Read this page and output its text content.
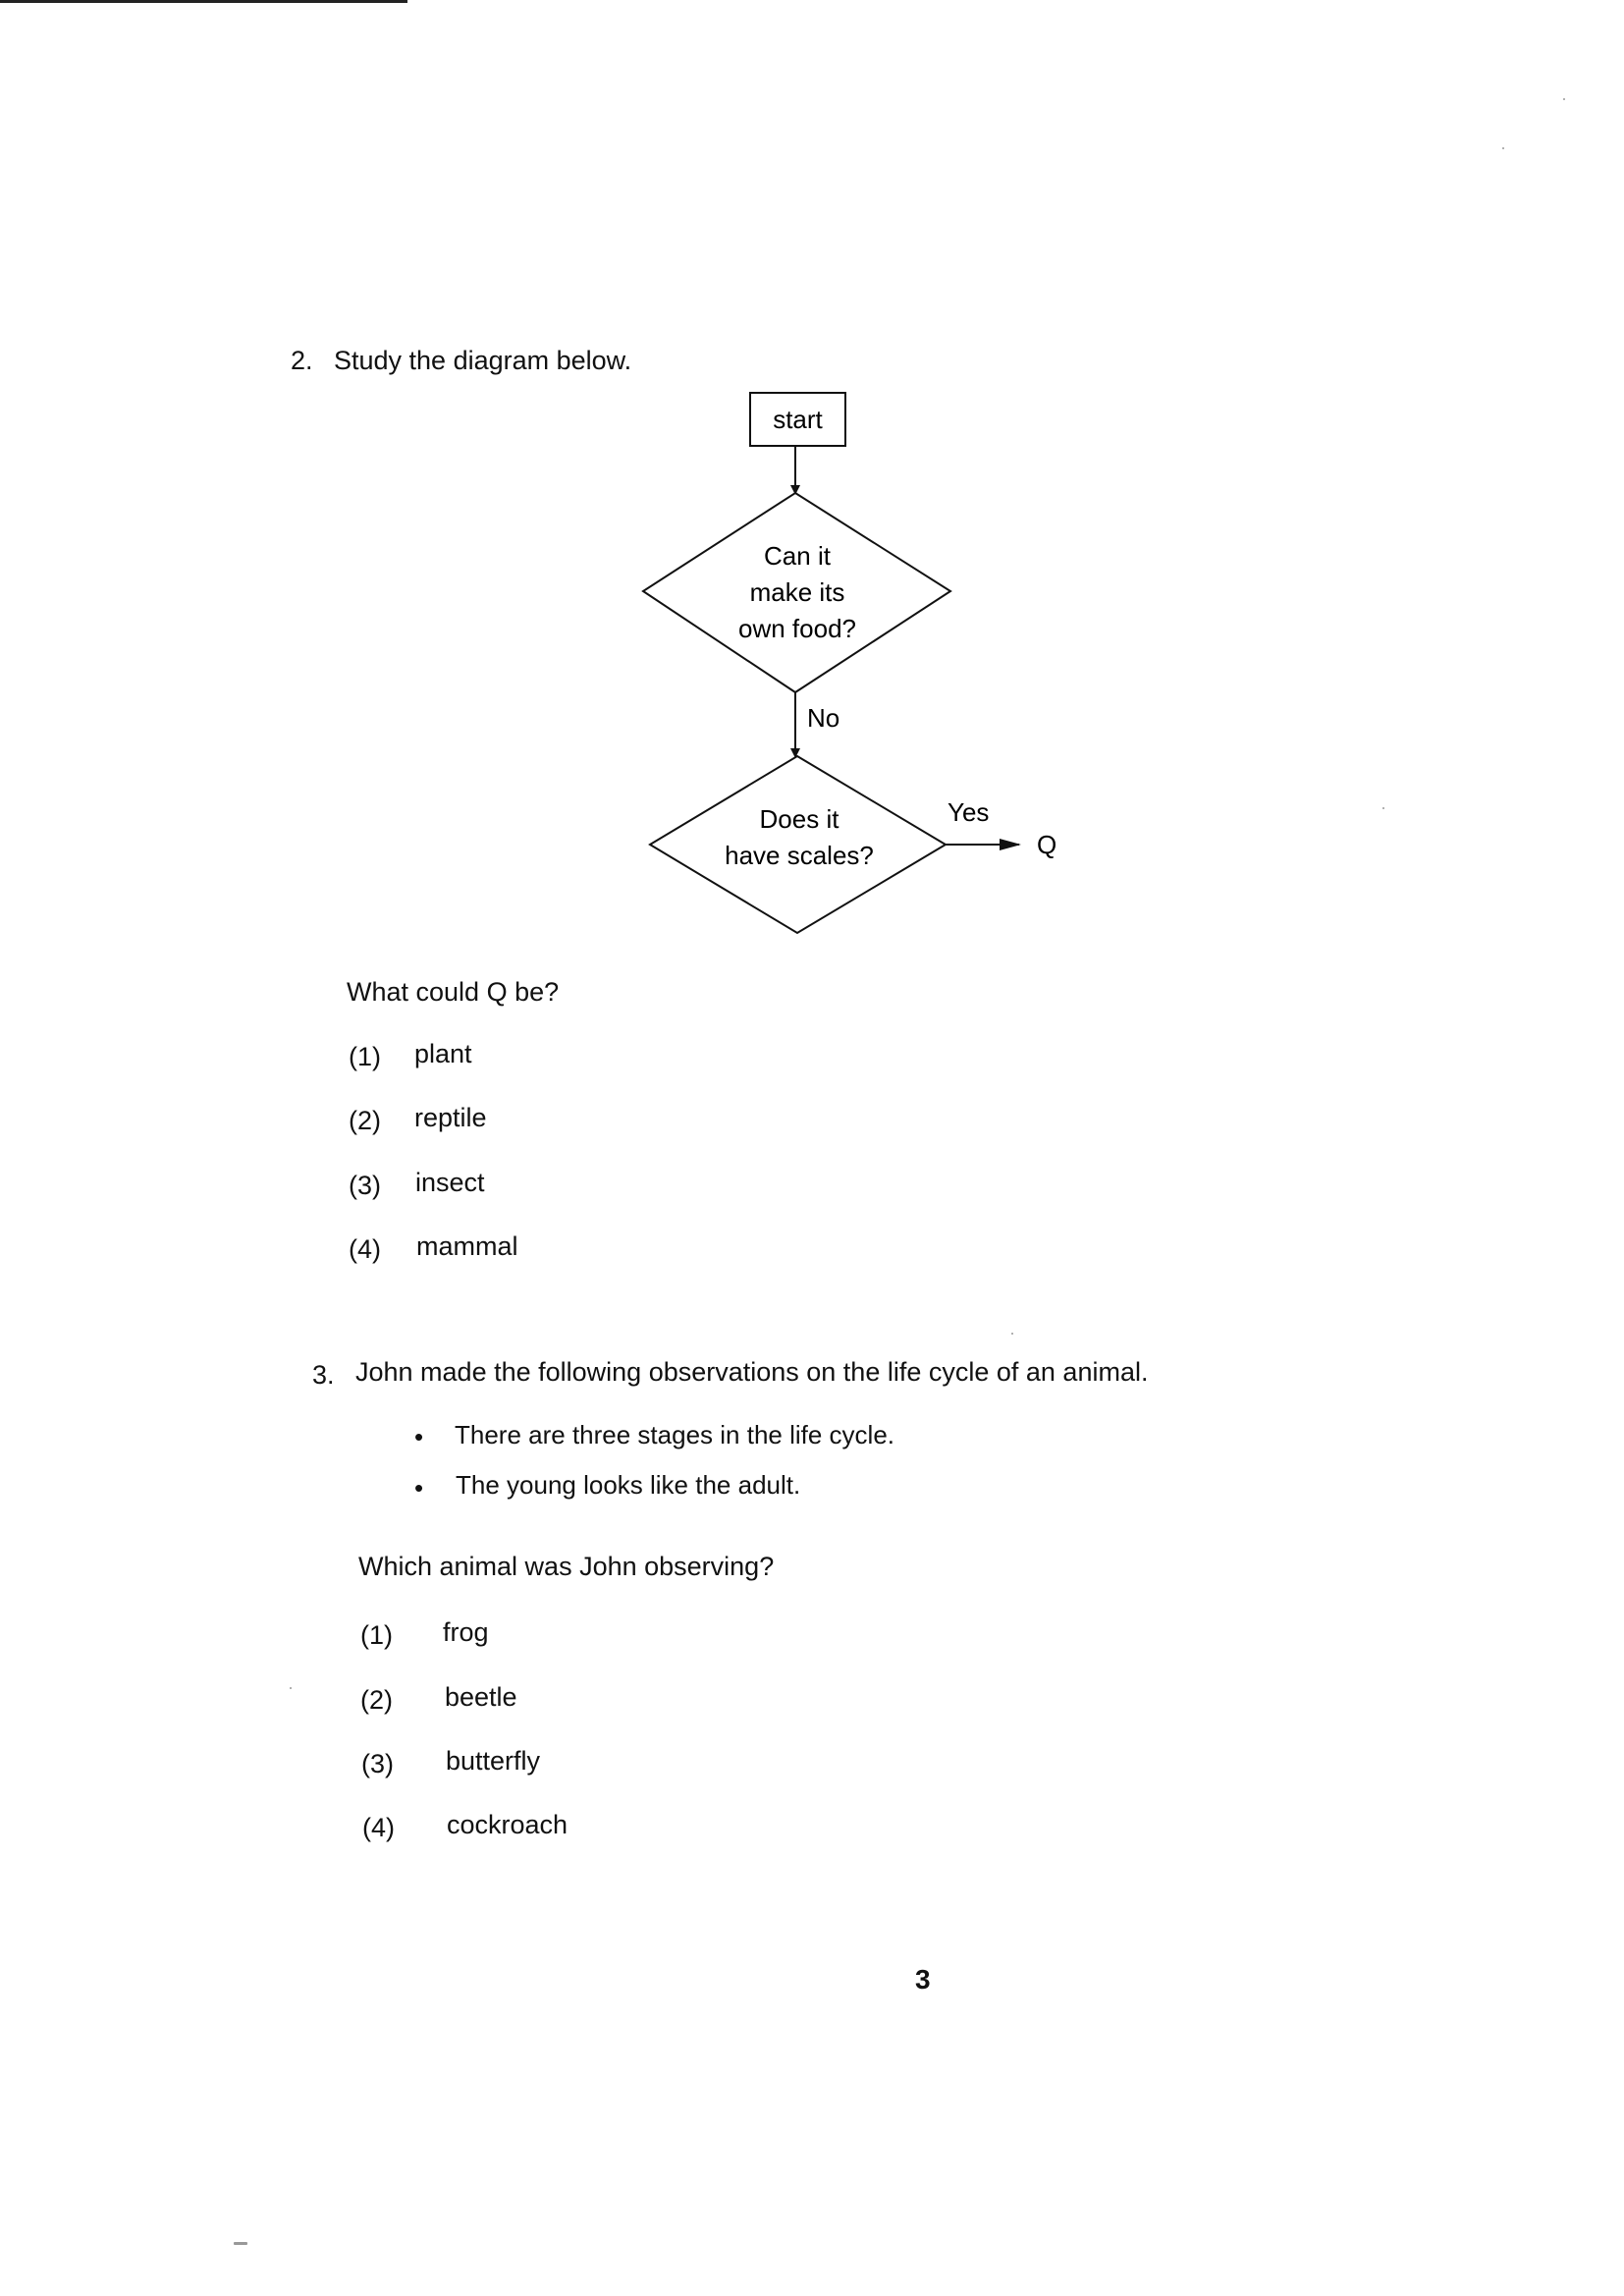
2. Study the diagram below.
start
Can it
make its
own food?
No
Does it
have scales?
Yes
Q
What could Q be?
(1) plant
(2) reptile
(3) insect
(4) mammal
3. John made the following observations on the life cycle of an animal.
• There are three stages in the life cycle.
• The young looks like the adult.
Which animal was John observing?
(1) frog
(2) beetle
(3) butterfly
(4) cockroach
3
